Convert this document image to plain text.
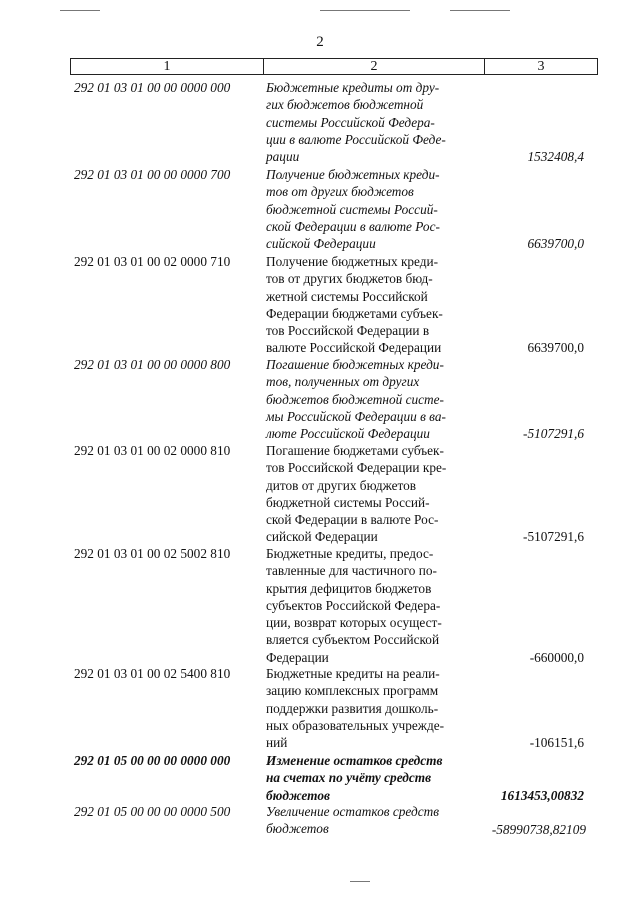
2
1	2	3
292 01 03 01 00 00 0000 000	Бюджетные кредиты от дру-
гих бюджетов бюджетной
системы Российской Федера-
ции в валюте Российской Феде-
рации	1532408,4
292 01 03 01 00 00 0000 700	Получение бюджетных креди-
тов от других бюджетов
бюджетной системы Россий-
ской Федерации в валюте Рос-
сийской Федерации	6639700,0
292 01 03 01 00 02 0000 710	Получение бюджетных креди-
тов от других бюджетов бюд-
жетной системы Российской
Федерации бюджетами субъек-
тов Российской Федерации в
валюте Российской Федерации	6639700,0
292 01 03 01 00 00 0000 800	Погашение бюджетных креди-
тов, полученных от других
бюджетов бюджетной систе-
мы Российской Федерации в ва-
люте Российской Федерации	-5107291,6
292 01 03 01 00 02 0000 810	Погашение бюджетами субъек-
тов Российской Федерации кре-
дитов от других бюджетов
бюджетной системы Россий-
ской Федерации в валюте Рос-
сийской Федерации	-5107291,6
292 01 03 01 00 02 5002 810	Бюджетные кредиты, предос-
тавленные для частичного по-
крытия дефицитов бюджетов
субъектов Российской Федера-
ции, возврат которых осущест-
вляется субъектом Российской
Федерации	-660000,0
292 01 03 01 00 02 5400 810	Бюджетные кредиты на реали-
зацию комплексных программ
поддержки развития дошколь-
ных образовательных учрежде-
ний	-106151,6
292 01 05 00 00 00 0000 000	Изменение остатков средств
на счетах по учёту средств
бюджетов	1613453,00832
292 01 05 00 00 00 0000 500	Увеличение остатков средств
бюджетов	-58990738,82109
